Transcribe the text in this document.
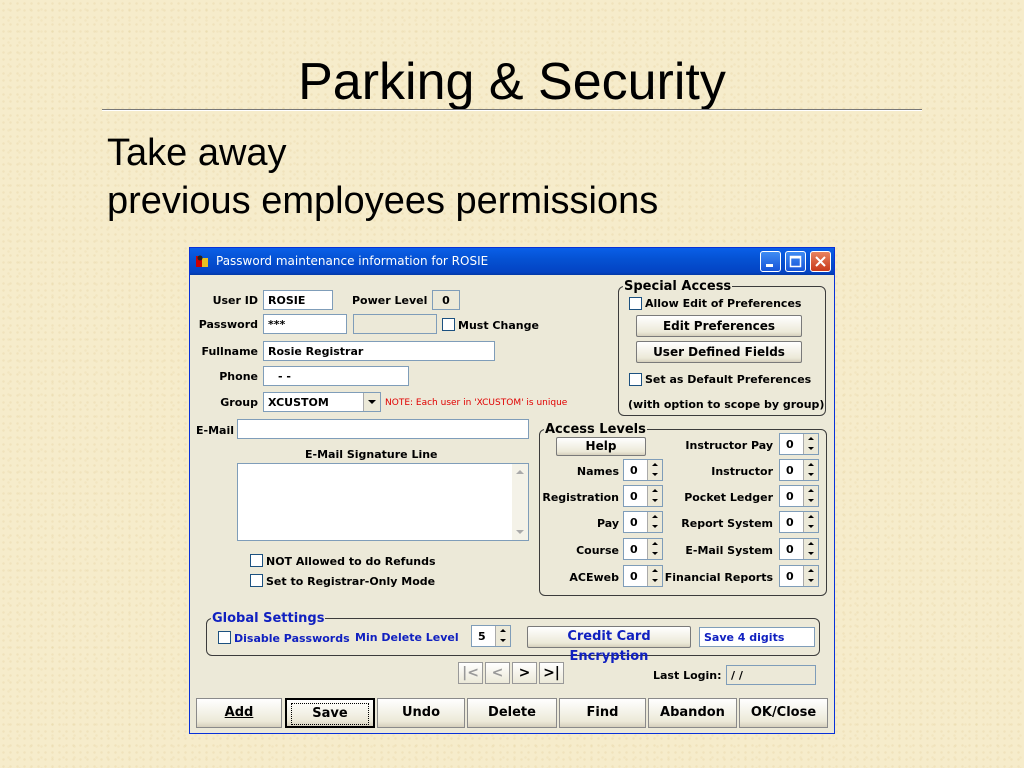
Parking & Security
Take away
previous employees permissions
Password maintenance information for ROSIE
User ID ROSIE	Power Level	0
Password ***	Must Change
Fullname Rosie Registrar
Phone	- -
Group XCUSTOM	NOTE: Each user in 'XCUSTOM' is unique
E-Mail
E-Mail Signature Line
NOT Allowed to do Refunds
Set to Registrar-Only Mode
Special Access
Allow Edit of Preferences
Edit Preferences
User Defined Fields
Set as Default Preferences
(with option to scope by group)
Access Levels
Help
Names 0
Registration 0
Pay 0
Course 0
ACEweb 0
Instructor Pay 0
Instructor 0
Pocket Ledger 0
Report System 0
E-Mail System 0
Financial Reports 0
Global Settings
Disable Passwords Min Delete Level 5	Credit Card Encryption
Save 4 digits
|< <	> >|	Last Login: / /
Add	Save	Undo	Delete	Find	Abandon	OK/Close
